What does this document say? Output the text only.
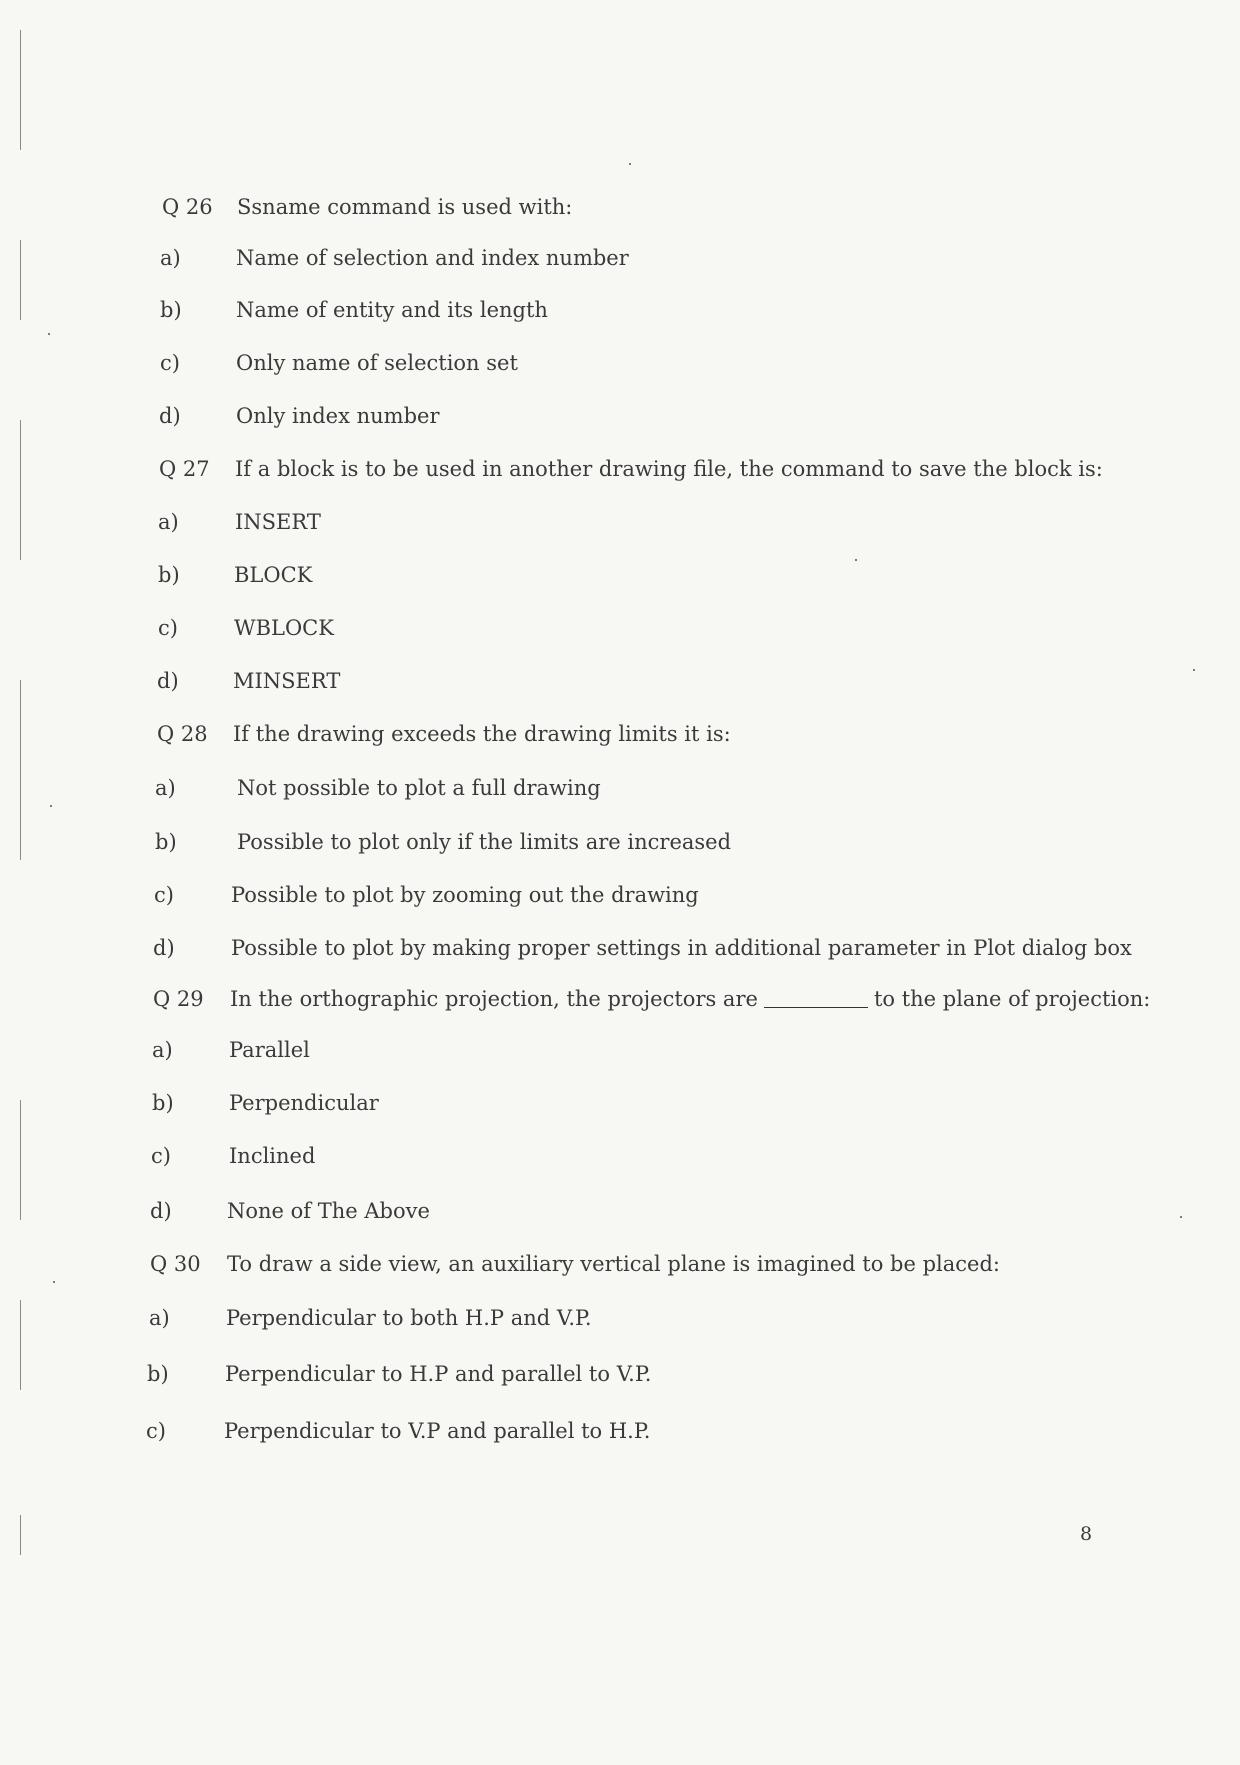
Q 26 Ssname command is used with:
a)	Name of selection and index number
b)	Name of entity and its length
c)	Only name of selection set
d)	Only index number
Q 27 If a block is to be used in another drawing file, the command to save the block is:
a)	INSERT
b)	BLOCK
c)	WBLOCK
d)	MINSERT
Q 28 If the drawing exceeds the drawing limits it is:
a)	Not possible to plot a full drawing
b)	Possible to plot only if the limits are increased
c)	Possible to plot by zooming out the drawing
d)	Possible to plot by making proper settings in additional parameter in Plot dialog box
Q 29 In the orthographic projection, the projectors are	to the plane of projection:
a)	Parallel
b)	Perpendicular
c)	Inclined
d)	None of The Above
Q 30 To draw a side view, an auxiliary vertical plane is imagined to be placed:
a)	Perpendicular to both H.P and V.P.
b)	Perpendicular to H.P and parallel to V.P.
c)	Perpendicular to V.P and parallel to H.P.
8
